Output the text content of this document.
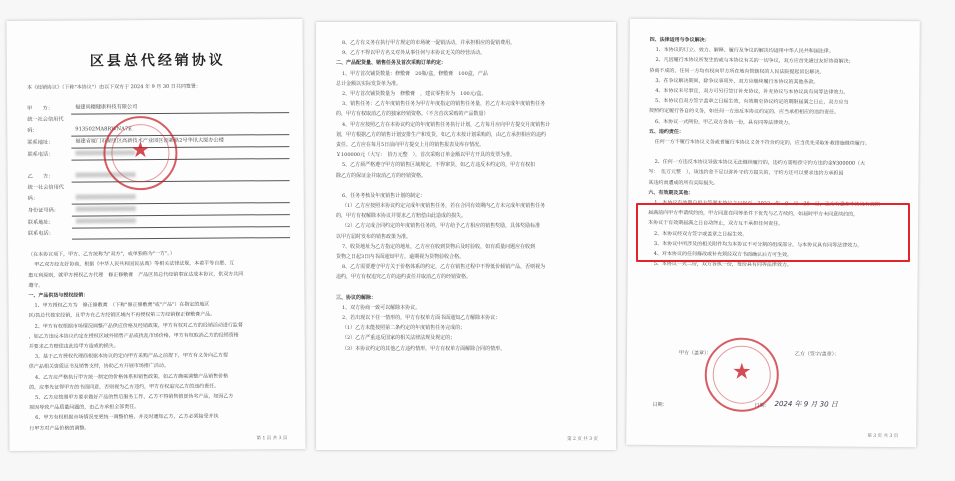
区县总代经销协议
本《经销协议》（下称"本协议"）由以下双方于 2024 年 9 月 30 日共同签署：
甲　　方：	福建尚穗健康科技有限公司
统一社会信用代码：	913502MA8RWNA7E
联系地址：	福建省厦门市湖里区高新技术产业园区创新路2号华讯大厦办公楼
联系电话：
乙　　方：
统一社会信用代码：
身份证号码：
联系地址：
联系电话：
（在本协议项下，甲方、乙方统称为"双方"，或单独称为"一方"。）
甲乙双方经友好协商，根据《中华人民共和国民法典》等相关法律法规，本着平等自愿、互
惠互利原则，就甲方授权乙方代理　修正修敷膏　产品区县总代经销事宜达成本协议，供双方共同
遵守。
一、产品供货与授权经销：
1、甲方授权乙方为　修正修敷膏　（下称"修正修敷膏"或"产品"）在指定的地区　　　　
区/县总代独家经销，且甲方在乙方经销区域内不再授权第三方经销修正修敷膏产品。
2、甲方有权根据市场情况调整产品供应价格及经销政策，甲方有权对乙方的经销活动进行监督
，如乙方违反本协议约定在授权区域外销售产品或扰乱市场价格，甲方有权取消乙方的经销资格
并要求乙方赔偿由此给甲方造成的损失。
3、基于乙方授权代理商根据本协议的定向甲方采购产品之前提下，甲方有义务向乙方提
供产品相关资质证书及销售支持，协助乙方开展市场推广活动。
4、乙方应严格执行甲方统一制定的价格体系和销售政策，如乙方确需调整产品销售价格
的，应事先征得甲方的书面同意，否则视为乙方违约，甲方有权追究乙方的违约责任。
5、乙方应按照甲方要求做好产品的售后服务工作，乙方不得销售假冒伪劣产品，如因乙方
原因导致产品质量问题的，由乙方承担全部责任。
6、甲方有权根据市场情况变更统一调整价格，并及时通知乙方，乙方必须接受并执
行甲方对产品价格的调整。
★
第 1 页 共 3 页
8、乙方有义务在执行甲方规定的市场统一促销活动，并承担相应的促销费用。
9、乙方不得以甲方名义对外从事任何与本协议无关的经营活动。
二、产品配货量、销售任务及首次采购订单约定：
1、甲方首次铺货数量：修敷膏　20瓶/盒，修敷膏　100盒，产品
总计金额以实际发货单为准。
2、甲方首次铺货数量为　修敷膏　，建议零售价为　100元/盒。
3、销售任务：乙方年度销售任务为甲方年度指定的销售任务量，若乙方未完成年度销售任务
的，甲方有权取消乙方的独家经销资格。（不含首次采购的产品数量）
4、甲方应按照乙方在本协议约定的年度销售任务执行计划，乙方每月应向甲方提交月度销售计
划，甲方根据乙方的销售计划安排生产和发货，如乙方未按计划采购的，由乙方承担相应的违约
责任。乙方应在每月5日前向甲方提交上月的销售报表及库存情况。
￥100000元（大写：　拾万元整　），首次采购订单金额以甲方开具的发票为准。
5、乙方须严格遵守甲方的销售区域规定，不得窜货，如乙方违反本约定的，甲方有权扣
除乙方的保证金并取消乙方的经销资格。
6、任务考核及年度销售计划的制定：
（1）乙方应按照本协议约定完成年度销售任务，若在合同有效期内乙方未完成年度销售任务
的，甲方有权解除本协议并要求乙方赔偿由此造成的损失。
（2）乙方完成合同约定的年度销售任务的，甲方给予乙方相应的销售奖励，具体奖励标准
以甲方届时发布的销售政策为准。
7、收货地址为乙方指定的地址，乙方应在收到货物后及时验收，如有质量问题应在收到
货物之日起3日内书面通知甲方，逾期视为货物验收合格。
8、乙方需要遵守甲方关于价格体系的约定，乙方在销售过程中不得低价倾销产品，否则视为
违约，甲方有权追究乙方的违约责任并取消乙方的经销资格。
三、协议的解除：
1、双方协商一致可以解除本协议。
2、若出现以下任一情形的，甲方有权单方面书面通知乙方解除本协议：
（1）乙方未能按照第二条约定的年度销售任务完成的；
（2）乙方严重违反国家的相关法律法规及规定的；
（3）本协议约定的其他乙方违约情形，甲方有权单方面解除合同的情形。
第 2 页 共 3 页
四、法律适用与争议解决：
1、本协议的订立、效力、解释、履行及争议的解决均适用中华人民共和国法律。
2、凡因履行本协议所发生的或与本协议有关的一切争议，双方应首先通过友好协商解决；
协商不成的，任何一方均有权向甲方所在地有管辖权的人民法院提起诉讼解决。
3、在争议解决期间，除争议事项外，双方应继续履行本协议的其他条款。
4、本协议未尽事宜，双方可另行签订补充协议，补充协议与本协议具有同等法律效力。
5、本协议自双方签字盖章之日起生效，有效期至协议约定的期限届满之日止，双方应当
按照约定履行各自的义务，如任何一方违反本协议约定的，应当承担相应的违约责任。
6、本协议一式两份，甲乙双方各执一份，具有同等法律效力。
五、违约责任：
任何一方不履行本协议义务或者履行本协议义务不符合约定的，应当优先采取补救措施继续履行。
2、任何一方违反本协议导致本协议无法继续履行的，违约方需赔偿守约方违约金¥300000（大
写：　伍万元整　），该违约金不足以弥补守约方损失的，守约方还可以要求违约方承担因
其违约而遭成的所有实际损失。
六、有效期及其他：
1、本协议有效期自甲方签署本协议之日起至　2022　年　9　月　30　日，乙方有意在本协议有效期
届满前向甲方申请续约的，甲方同意在同等条件下优先与乙方续约，如届时甲方未同意续约的，
本协议于有效期届满之日自动终止，双方互不承担任何责任。
2、本协议经双方签字或盖章之日起生效。
3、本协议中所涉及的相关附件均为本协议不可分割的组成部分，与本协议具有同等法律效力。
4、对本协议的任何修改或补充须经双方书面确认后方可生效。
5、本协议一式二份，双方各执一份，每份具有同等法律效力。
甲方（盖章）：	乙方（签字/盖章）：
日期：	日期： 2024 年 9 月 30 日
★
第 3 页 共 3 页
